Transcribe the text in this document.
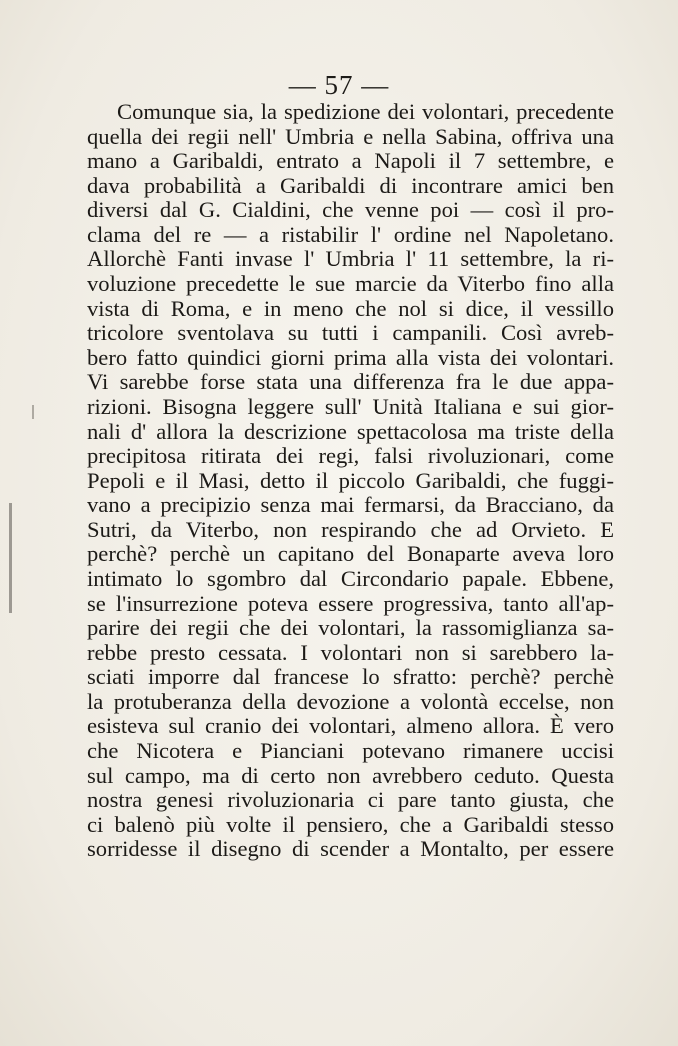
— 57 —
Comunque sia, la spedizione dei volontari, precedente
quella dei regii nell' Umbria e nella Sabina, offriva una
mano a Garibaldi, entrato a Napoli il 7 settembre, e
dava probabilità a Garibaldi di incontrare amici ben
diversi dal G. Cialdini, che venne poi — così il pro-
clama del re — a ristabilir l' ordine nel Napoletano.
Allorchè Fanti invase l' Umbria l' 11 settembre, la ri-
voluzione precedette le sue marcie da Viterbo fino alla
vista di Roma, e in meno che nol si dice, il vessillo
tricolore sventolava su tutti i campanili. Così avreb-
bero fatto quindici giorni prima alla vista dei volontari.
Vi sarebbe forse stata una differenza fra le due appa-
rizioni. Bisogna leggere sull' Unità Italiana e sui gior-
nali d' allora la descrizione spettacolosa ma triste della
precipitosa ritirata dei regi, falsi rivoluzionari, come
Pepoli e il Masi, detto il piccolo Garibaldi, che fuggi-
vano a precipizio senza mai fermarsi, da Bracciano, da
Sutri, da Viterbo, non respirando che ad Orvieto. E
perchè? perchè un capitano del Bonaparte aveva loro
intimato lo sgombro dal Circondario papale. Ebbene,
se l'insurrezione poteva essere progressiva, tanto all'ap-
parire dei regii che dei volontari, la rassomiglianza sa-
rebbe presto cessata. I volontari non si sarebbero la-
sciati imporre dal francese lo sfratto: perchè? perchè
la protuberanza della devozione a volontà eccelse, non
esisteva sul cranio dei volontari, almeno allora. È vero
che Nicotera e Pianciani potevano rimanere uccisi
sul campo, ma di certo non avrebbero ceduto. Questa
nostra genesi rivoluzionaria ci pare tanto giusta, che
ci balenò più volte il pensiero, che a Garibaldi stesso
sorridesse il disegno di scender a Montalto, per essere
